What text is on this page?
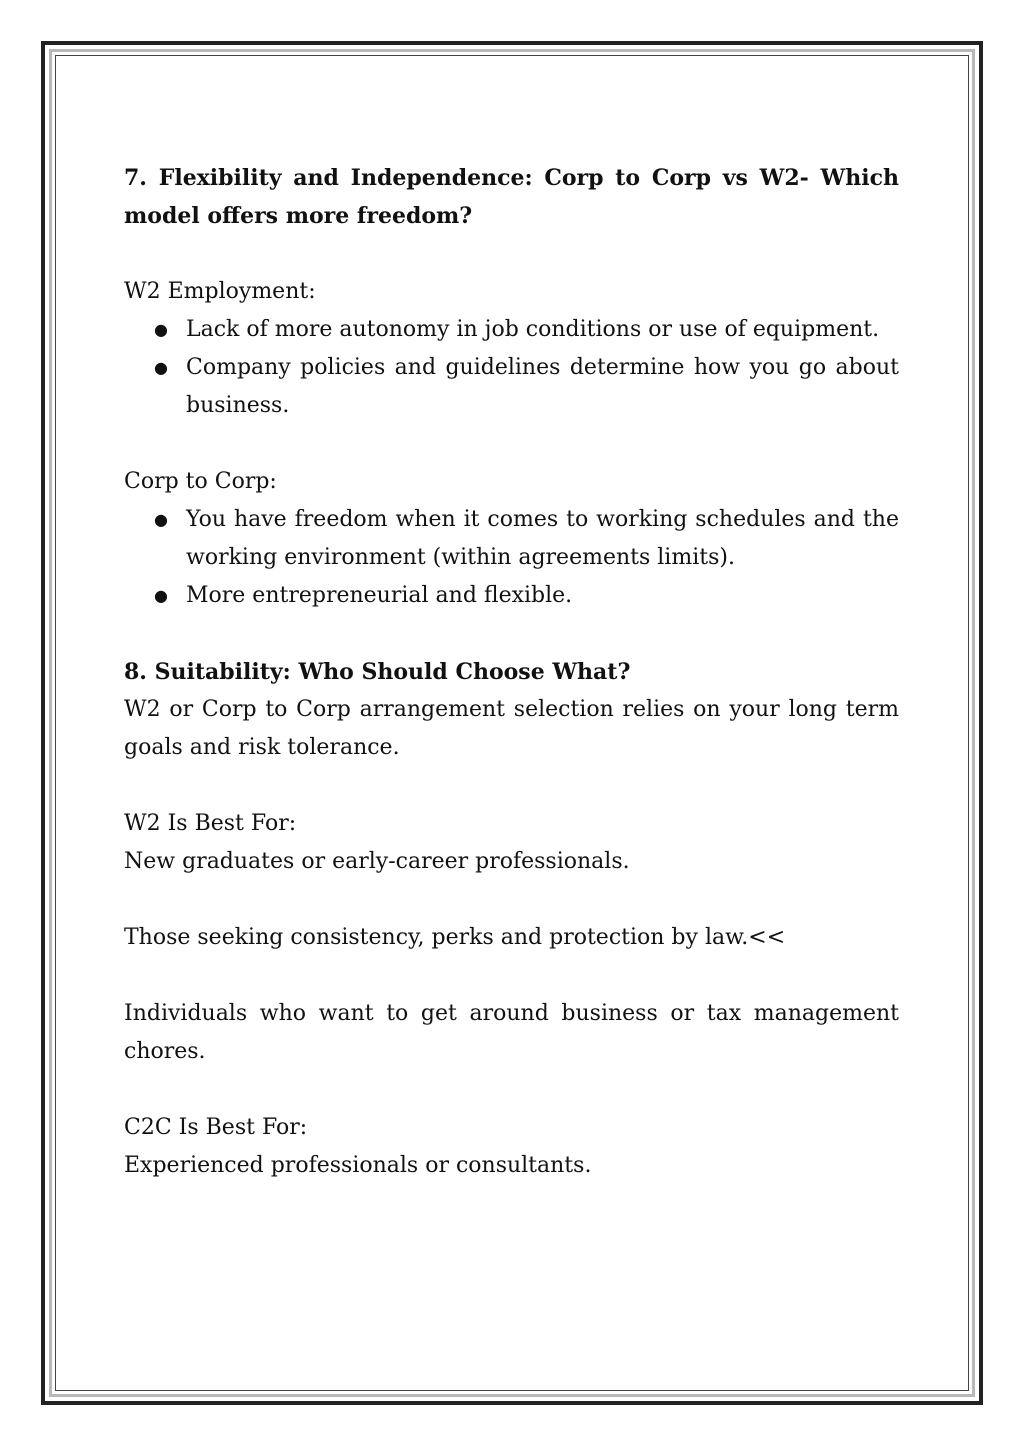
7. Flexibility and Independence: Corp to Corp vs W2- Which model offers more freedom?

W2 Employment:

● Lack of more autonomy in job conditions or use of equipment.
● Company policies and guidelines determine how you go about business.

Corp to Corp:

● You have freedom when it comes to working schedules and the working environment (within agreements limits).
● More entrepreneurial and flexible.

8. Suitability: Who Should Choose What?

W2 or Corp to Corp arrangement selection relies on your long term goals and risk tolerance.

W2 Is Best For:

New graduates or early-career professionals.

Those seeking consistency, perks and protection by law.<<

Individuals who want to get around business or tax management chores.

C2C Is Best For:

Experienced professionals or consultants.
